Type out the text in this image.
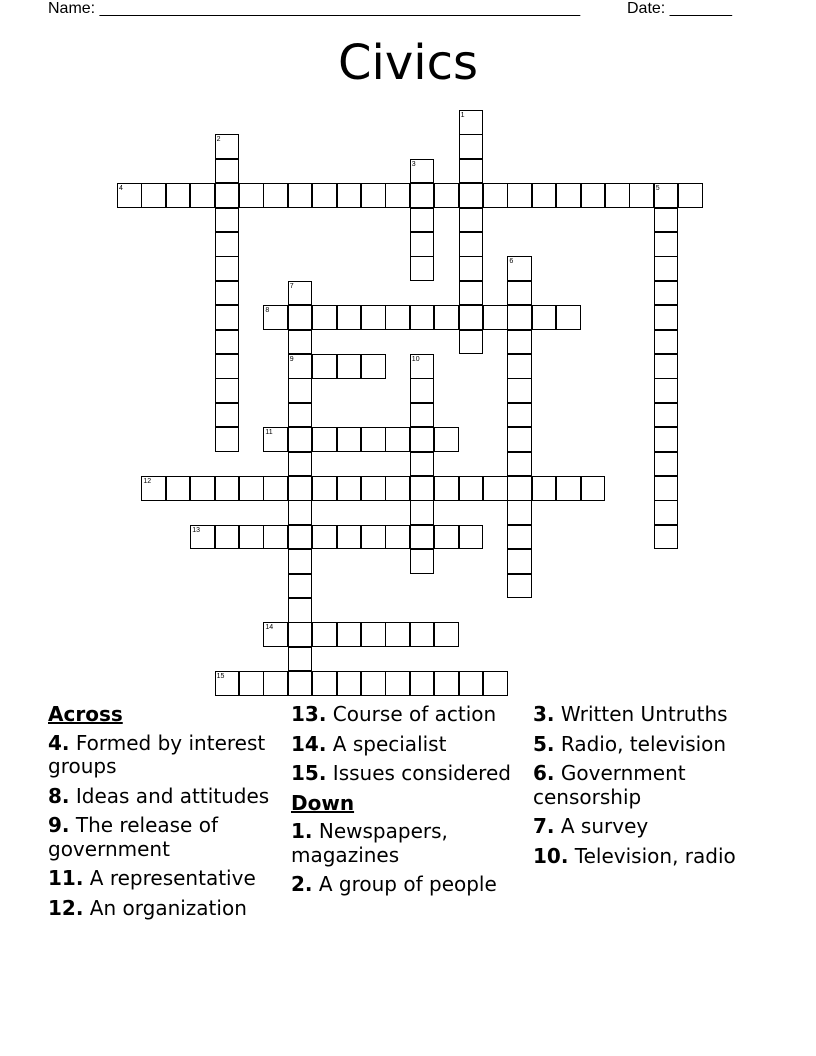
Name: ______________________________________________________	Date: _______
Civics
1
2
3
4	5
6
7
8
9	10
11
12
13
14
15
Across
4. Formed by interest groups
8. Ideas and attitudes
9. The release of government
11. A representative
12. An organization
13. Course of action
14. A specialist
15. Issues considered
Down
1. Newspapers, magazines
2. A group of people
3. Written Untruths
5. Radio, television
6. Government censorship
7. A survey
10. Television, radio
